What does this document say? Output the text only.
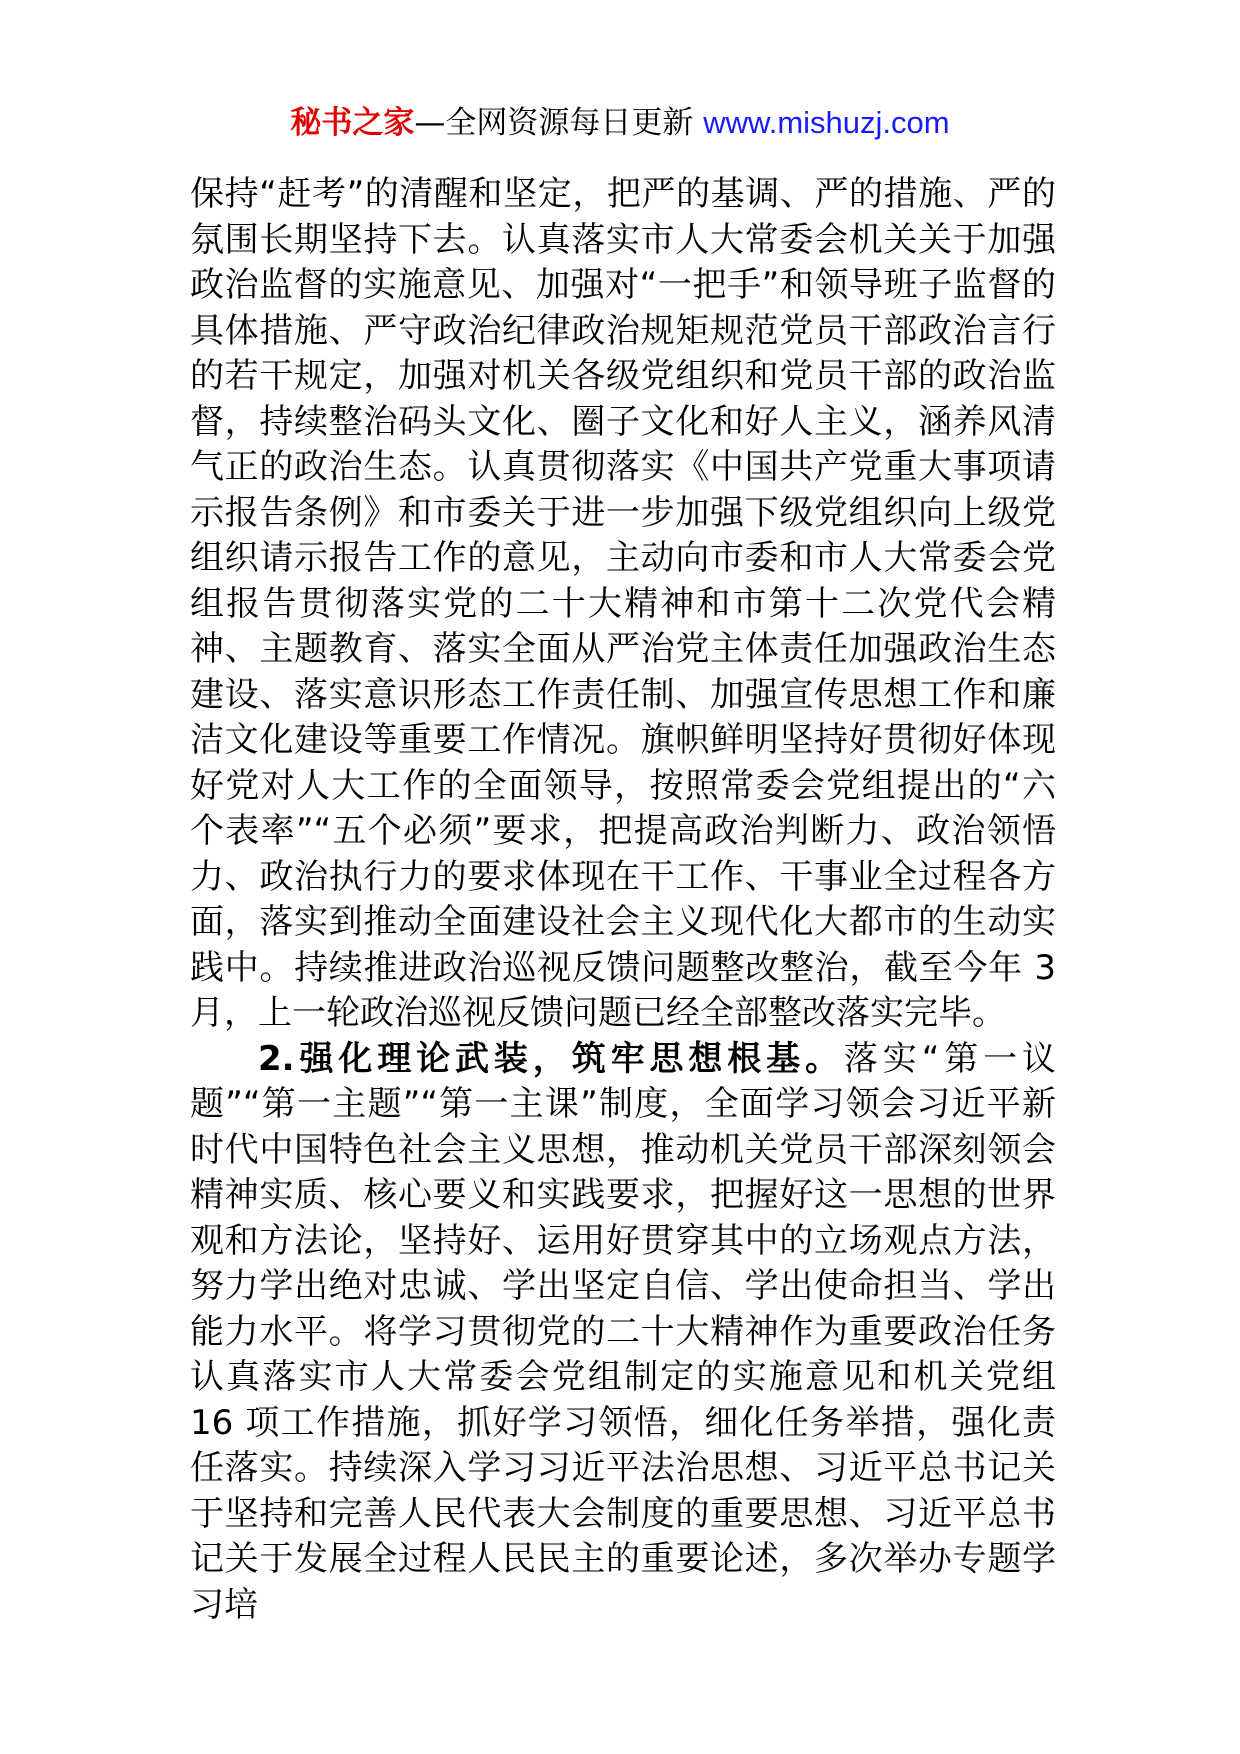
秘书之家—全网资源每日更新 www.mishuzj.com

保持“赶考”的清醒和坚定，把严的基调、严的措施、严的氛围长期坚持下去。认真落实市人大常委会机关关于加强政治监督的实施意见、加强对“一把手”和领导班子监督的具体措施、严守政治纪律政治规矩规范党员干部政治言行的若干规定，加强对机关各级党组织和党员干部的政治监督，持续整治码头文化、圈子文化和好人主义，涵养风清气正的政治生态。认真贯彻落实《中国共产党重大事项请示报告条例》和市委关于进一步加强下级党组织向上级党组织请示报告工作的意见，主动向市委和市人大常委会党组报告贯彻落实党的二十大精神和市第十二次党代会精神、主题教育、落实全面从严治党主体责任加强政治生态建设、落实意识形态工作责任制、加强宣传思想工作和廉洁文化建设等重要工作情况。旗帜鲜明坚持好贯彻好体现好党对人大工作的全面领导，按照常委会党组提出的“六个表率”“五个必须”要求，把提高政治判断力、政治领悟力、政治执行力的要求体现在干工作、干事业全过程各方面，落实到推动全面建设社会主义现代化大都市的生动实践中。持续推进政治巡视反馈问题整改整治，截至今年 3 月，上一轮政治巡视反馈问题已经全部整改落实完毕。

2.强化理论武装，筑牢思想根基。落实“第一议题”“第一主题”“第一主课”制度，全面学习领会习近平新时代中国特色社会主义思想，推动机关党员干部深刻领会精神实质、核心要义和实践要求，把握好这一思想的世界观和方法论，坚持好、运用好贯穿其中的立场观点方法，努力学出绝对忠诚、学出坚定自信、学出使命担当、学出能力水平。将学习贯彻党的二十大精神作为重要政治任务认真落实市人大常委会党组制定的实施意见和机关党组 16 项工作措施，抓好学习领悟，细化任务举措，强化责任落实。持续深入学习习近平法治思想、习近平总书记关于坚持和完善人民代表大会制度的重要思想、习近平总书记关于发展全过程人民民主的重要论述，多次举办专题学习培
